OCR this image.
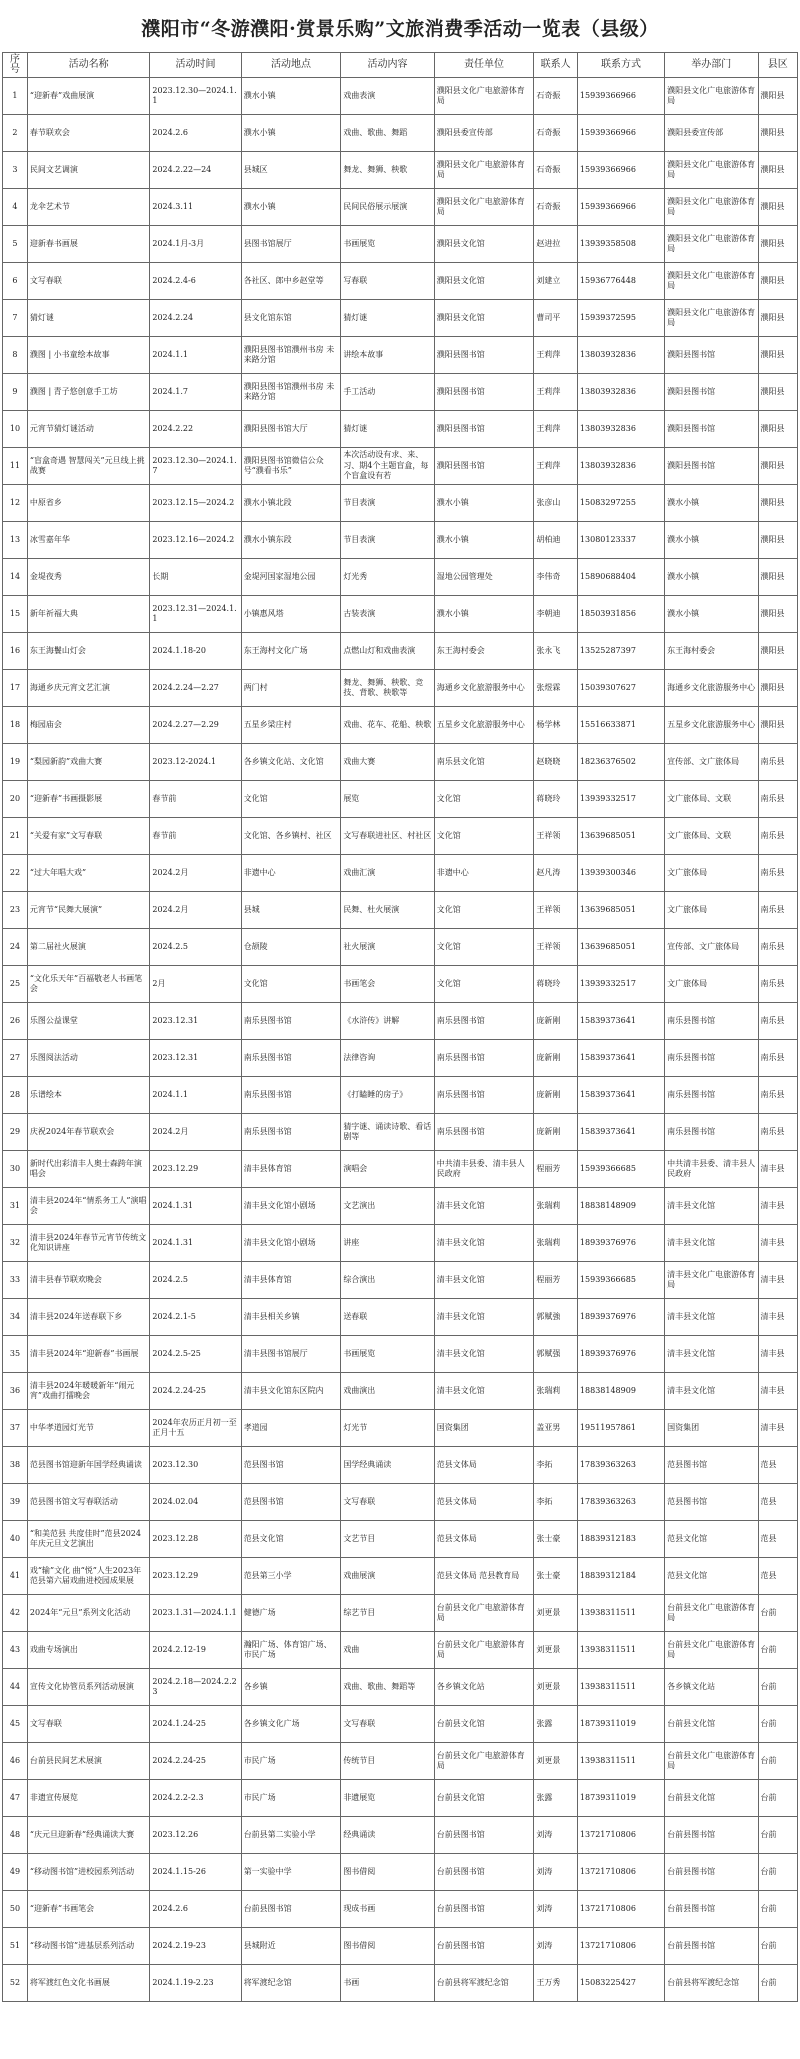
濮阳市“冬游濮阳·赏景乐购”文旅消费季活动一览表（县级）
序号	活动名称	活动时间	活动地点	活动内容	责任单位	联系人	联系方式	举办部门	县区
1	“迎新春”戏曲展演	2023.12.30—2024.1.1	濮水小镇	戏曲表演	濮阳县文化广电旅游体育局	石奇振	15939366966	濮阳县文化广电旅游体育局	濮阳县
2	春节联欢会	2024.2.6	濮水小镇	戏曲、歌曲、舞蹈	濮阳县委宣传部	石奇振	15939366966	濮阳县委宣传部	濮阳县
3	民间文艺调演	2024.2.22—24	县城区	舞龙、舞狮、秧歌	濮阳县文化广电旅游体育局	石奇振	15939366966	濮阳县文化广电旅游体育局	濮阳县
4	龙伞艺术节	2024.3.11	濮水小镇	民间民俗展示展演	濮阳县文化广电旅游体育局	石奇振	15939366966	濮阳县文化广电旅游体育局	濮阳县
5	迎新春书画展	2024.1月-3月	县图书馆展厅	书画展览	濮阳县文化馆	赵进拉	13939358508	濮阳县文化广电旅游体育局	濮阳县
6	文写春联	2024.2.4-6	各社区、郎中乡赵堂等	写春联	濮阳县文化馆	刘建立	15936776448	濮阳县文化广电旅游体育局	濮阳县
7	猜灯谜	2024.2.24	县文化馆东馆	猜灯谜	濮阳县文化馆	曹司平	15939372595	濮阳县文化广电旅游体育局	濮阳县
8	濮图 | 小书童绘本故事	2024.1.1	濮阳县图书馆濮州书房 未来路分馆	讲绘本故事	濮阳县图书馆	王莉萍	13803932836	濮阳县图书馆	濮阳县
9	濮图 | 青子悠创意手工坊	2024.1.7	濮阳县图书馆濮州书房 未来路分馆	手工活动	濮阳县图书馆	王莉萍	13803932836	濮阳县图书馆	濮阳县
10	元宵节猜灯谜活动	2024.2.22	濮阳县图书馆大厅	猜灯谜	濮阳县图书馆	王莉萍	13803932836	濮阳县图书馆	濮阳县
11	“盲盒奇遇 智慧闯关”元旦线上挑战赛	2023.12.30—2024.1.7	濮阳县图书馆微信公众号“濮看书乐”	本次活动设有求、来、习、期4个主题盲盒，每个盲盒设有若	濮阳县图书馆	王莉萍	13803932836	濮阳县图书馆	濮阳县
12	中原省乡	2023.12.15—2024.2	濮水小镇北段	节目表演	濮水小镇	张彦山	15083297255	濮水小镇	濮阳县
13	冰雪嘉年华	2023.12.16—2024.2	濮水小镇东段	节目表演	濮水小镇	胡柏迪	13080123337	濮水小镇	濮阳县
14	金堤夜秀	长期	金堤河国家湿地公园	灯光秀	湿地公园管理处	李伟奇	15890688404	濮水小镇	濮阳县
15	新年祈福大典	2023.12.31—2024.1.1	小镇惠风塔	古装表演	濮水小镇	李朝迪	18503931856	濮水小镇	濮阳县
16	东王海鬟山灯会	2024.1.18-20	东王海村文化广场	点燃山灯和戏曲表演	东王海村委会	张永飞	13525287397	东王海村委会	濮阳县
17	海通乡庆元宵文艺汇演	2024.2.24—2.27	两门村	舞龙、舞狮、秧歌、竞技、背歌、秧歌等	海通乡文化旅游服务中心	张煜霖	15039307627	海通乡文化旅游服务中心	濮阳县
18	梅园庙会	2024.2.27—2.29	五星乡梁庄村	戏曲、花车、花船、秧歌	五星乡文化旅游服务中心	杨学林	15516633871	五星乡文化旅游服务中心	濮阳县
19	“梨园新韵”戏曲大赛	2023.12-2024.1	各乡镇文化站、文化馆	戏曲大赛	南乐县文化馆	赵晓晓	18236376502	宣传部、文广旅体局	南乐县
20	“迎新春”书画摄影展	春节前	文化馆	展览	文化馆	蒋晓玲	13939332517	文广旅体局、文联	南乐县
21	“关爱有家”文写春联	春节前	文化馆、各乡镇村、社区	文写春联进社区、村社区	文化馆	王祥领	13639685051	文广旅体局、文联	南乐县
22	“过大年唱大戏”	2024.2月	非遗中心	戏曲汇演	非遗中心	赵凡涛	13939300346	文广旅体局	南乐县
23	元宵节“民舞大展演”	2024.2月	县城	民舞、杜火展演	文化馆	王祥领	13639685051	文广旅体局	南乐县
24	第二届社火展演	2024.2.5	仓颉陵	社火展演	文化馆	王祥领	13639685051	宣传部、文广旅体局	南乐县
25	“文化乐天年”百福敬老人书画笔会	2月	文化馆	书画笔会	文化馆	蒋晓玲	13939332517	文广旅体局	南乐县
26	乐图公益课堂	2023.12.31	南乐县图书馆	《水浒传》讲解	南乐县图书馆	庞新刚	15839373641	南乐县图书馆	南乐县
27	乐图阅法活动	2023.12.31	南乐县图书馆	法律咨询	南乐县图书馆	庞新刚	15839373641	南乐县图书馆	南乐县
28	乐谱绘本	2024.1.1	南乐县图书馆	《打瞌睡的房子》	南乐县图书馆	庞新刚	15839373641	南乐县图书馆	南乐县
29	庆祝2024年春节联欢会	2024.2月	南乐县图书馆	猜字谜、诵读诗歌、看话剧等	南乐县图书馆	庞新刚	15839373641	南乐县图书馆	南乐县
30	新时代出彩清丰人奥士森跨年演唱会	2023.12.29	清丰县体育馆	演唱会	中共清丰县委、清丰县人民政府	程丽芳	15939366685	中共清丰县委、清丰县人民政府	清丰县
31	清丰县2024年“情系务工人”演唱会	2024.1.31	清丰县文化馆小剧场	文艺演出	清丰县文化馆	张瑞莉	18838148909	清丰县文化馆	清丰县
32	清丰县2024年春节元宵节传统文化知识讲座	2024.1.31	清丰县文化馆小剧场	讲座	清丰县文化馆	张瑞莉	18939376976	清丰县文化馆	清丰县
33	清丰县春节联欢晚会	2024.2.5	清丰县体育馆	综合演出	清丰县文化馆	程丽芳	15939366685	清丰县文化广电旅游体育局	清丰县
34	清丰县2024年送春联下乡	2024.2.1-5	清丰县相关乡镇	送春联	清丰县文化馆	郭赋強	18939376976	清丰县文化馆	清丰县
35	清丰县2024年“迎新春”书画展	2024.2.5-25	清丰县图书馆展厅	书画展览	清丰县文化馆	郭赋强	18939376976	清丰县文化馆	清丰县
36	清丰县2024年暖暖新年“闹元宵”戏曲打擂晚会	2024.2.24-25	清丰县文化馆东区院内	戏曲演出	清丰县文化馆	张瑞莉	18838148909	清丰县文化馆	清丰县
37	中华孝道园灯光节	2024年农历正月初一至正月十五	孝道园	灯光节	国资集团	盖亚男	19511957861	国资集团	清丰县
38	范县图书馆迎新年国学经典诵读	2023.12.30	范县图书馆	国学经典诵读	范县文体局	李拓	17839363263	范县图书馆	范县
39	范县图书馆文写春联活动	2024.02.04	范县图书馆	文写春联	范县文体局	李拓	17839363263	范县图书馆	范县
40	“和美范县 共度佳时”范县2024年庆元旦文艺演出	2023.12.28	范县文化馆	文艺节目	范县文体局	张士豪	18839312183	范县文化馆	范县
41	戏“输”文化 曲“悦”人生2023年范县第六届戏曲进校园成果展	2023.12.29	范县第三小学	戏曲展演	范县文体局 范县教育局	张士豪	18839312184	范县文化馆	范县
42	2024年“元旦”系列文化活动	2023.1.31—2024.1.1	健德广场	综艺节目	台前县文化广电旅游体育局	刘更景	13938311511	台前县文化广电旅游体育局	台前
43	戏曲专场演出	2024.2.12-19	瀚阳广场、体育馆广场、市民广场	戏曲	台前县文化广电旅游体育局	刘更景	13938311511	台前县文化广电旅游体育局	台前
44	宣传文化协管员系列活动展演	2024.2.18—2024.2.23	各乡镇	戏曲、歌曲、舞蹈等	各乡镇文化站	刘更景	13938311511	各乡镇文化站	台前
45	文写春联	2024.1.24-25	各乡镇文化广场	文写春联	台前县文化馆	张露	18739311019	台前县文化馆	台前
46	台前县民间艺术展演	2024.2.24-25	市民广场	传统节目	台前县文化广电旅游体育局	刘更景	13938311511	台前县文化广电旅游体育局	台前
47	非遗宣传展览	2024.2.2-2.3	市民广场	非遗展览	台前县文化馆	张露	18739311019	台前县文化馆	台前
48	“庆元旦迎新春”经典诵读大赛	2023.12.26	台前县第二实验小学	经典诵读	台前县图书馆	刘涛	13721710806	台前县图书馆	台前
49	“移动图书馆”进校园系列活动	2024.1.15-26	第一实验中学	图书借阅	台前县图书馆	刘涛	13721710806	台前县图书馆	台前
50	“迎新春”书画笔会	2024.2.6	台前县图书馆	现成书画	台前县图书馆	刘涛	13721710806	台前县图书馆	台前
51	“移动图书馆”进基层系列活动	2024.2.19-23	县城附近	图书借阅	台前县图书馆	刘涛	13721710806	台前县图书馆	台前
52	将军渡红色文化书画展	2024.1.19-2.23	将军渡纪念馆	书画	台前县将军渡纪念馆	王万秀	15083225427	台前县将军渡纪念馆	台前
